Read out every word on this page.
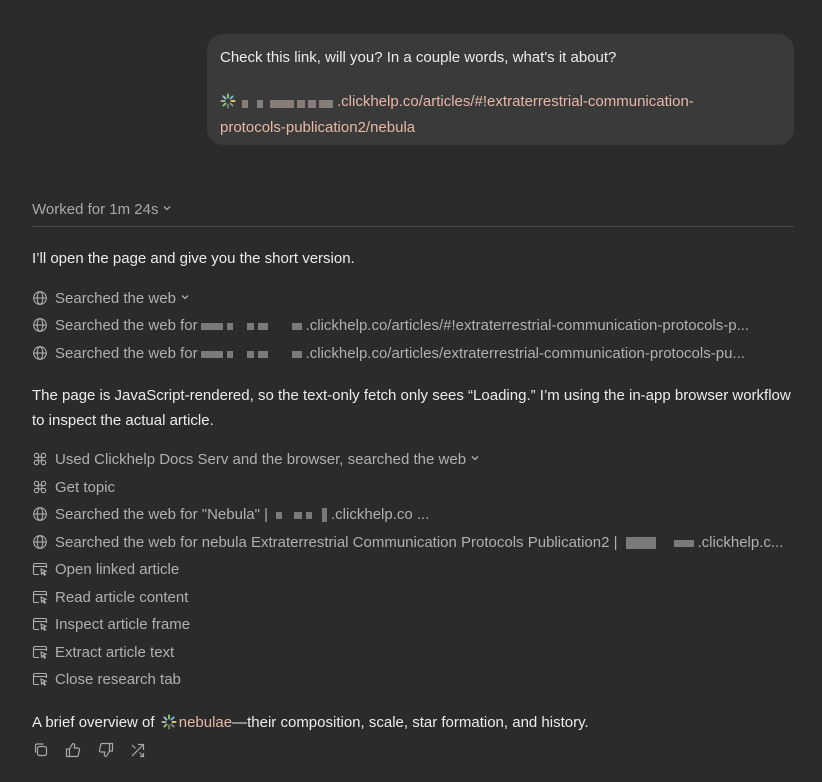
Check this link, will you? In a couple words, what's it about?

.clickhelp.co/articles/#!extraterrestrial-communication-
protocols-publication2/nebula
Worked for 1m 24s
I’ll open the page and give you the short version.
Searched the web
Searched the web for	.clickhelp.co/articles/#!extraterrestrial-communication-protocols-p...
Searched the web for	.clickhelp.co/articles/extraterrestrial-communication-protocols-pu...
The page is JavaScript-rendered, so the text-only fetch only sees “Loading.” I’m using the in-app browser workflow to inspect the actual article.
Used Clickhelp Docs Serv and the browser, searched the web
Get topic
Searched the web for "Nebula" |	.clickhelp.co ...
Searched the web for nebula Extraterrestrial Communication Protocols Publication2 |	.clickhelp.c...
Open linked article
Read article content
Inspect article frame
Extract article text
Close research tab
A brief overview of nebulae—their composition, scale, star formation, and history.
